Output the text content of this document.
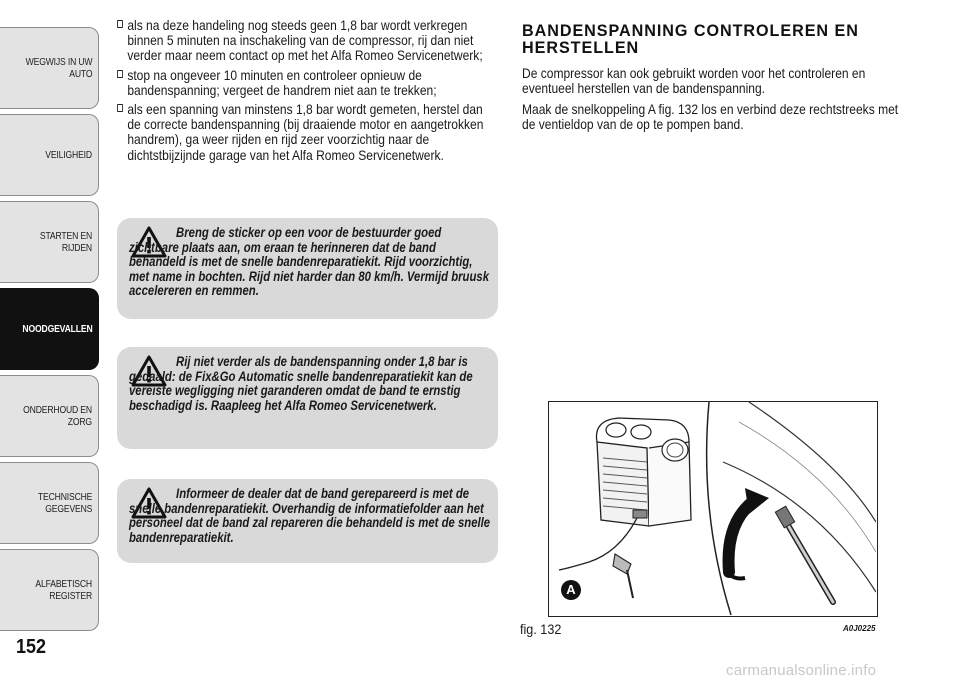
WEGWIJS IN UW
AUTO
VEILIGHEID
STARTEN EN RIJDEN
NOODGEVALLEN
ONDERHOUD EN
ZORG
TECHNISCHE
GEGEVENS
ALFABETISCH
REGISTER
152
als na deze handeling nog steeds geen 1,8 bar wordt verkregen binnen 5 minuten na inschakeling van de compressor, rij dan niet verder maar neem contact op met het Alfa Romeo Servicenetwerk;
stop na ongeveer 10 minuten en controleer opnieuw de bandenspanning; vergeet de handrem niet aan te trekken;
als een spanning van minstens 1,8 bar wordt gemeten, herstel dan de correcte bandenspanning (bij draaiende motor en aangetrokken handrem), ga weer rijden en rijd zeer voorzichtig naar de dichtstbijzijnde garage van het Alfa Romeo Servicenetwerk.

Breng de sticker op een voor de bestuurder goed zichtbare plaats aan, om eraan te herinneren dat de band behandeld is met de snelle bandenreparatiekit. Rijd voorzichtig, met name in bochten. Rijd niet harder dan 80 km/h. Vermijd bruusk accelereren en remmen.

Rij niet verder als de bandenspanning onder 1,8 bar is gedaald: de Fix&Go Automatic snelle bandenreparatiekit kan de vereiste wegligging niet garanderen omdat de band te ernstig beschadigd is. Raapleeg het Alfa Romeo Servicenetwerk.

Informeer de dealer dat de band gerepareerd is met de snelle bandenreparatiekit. Overhandig de informatiefolder aan het personeel dat de band zal repareren die behandeld is met de snelle bandenreparatiekit.

BANDENSPANNING CONTROLEREN EN HERSTELLEN

De compressor kan ook gebruikt worden voor het controleren en eventueel herstellen van de bandenspanning.

Maak de snelkoppeling A fig. 132 los en verbind deze rechtstreeks met de ventieldop van de op te pompen band.

A
fig. 132	A0J0225
carmanualsonline.info
